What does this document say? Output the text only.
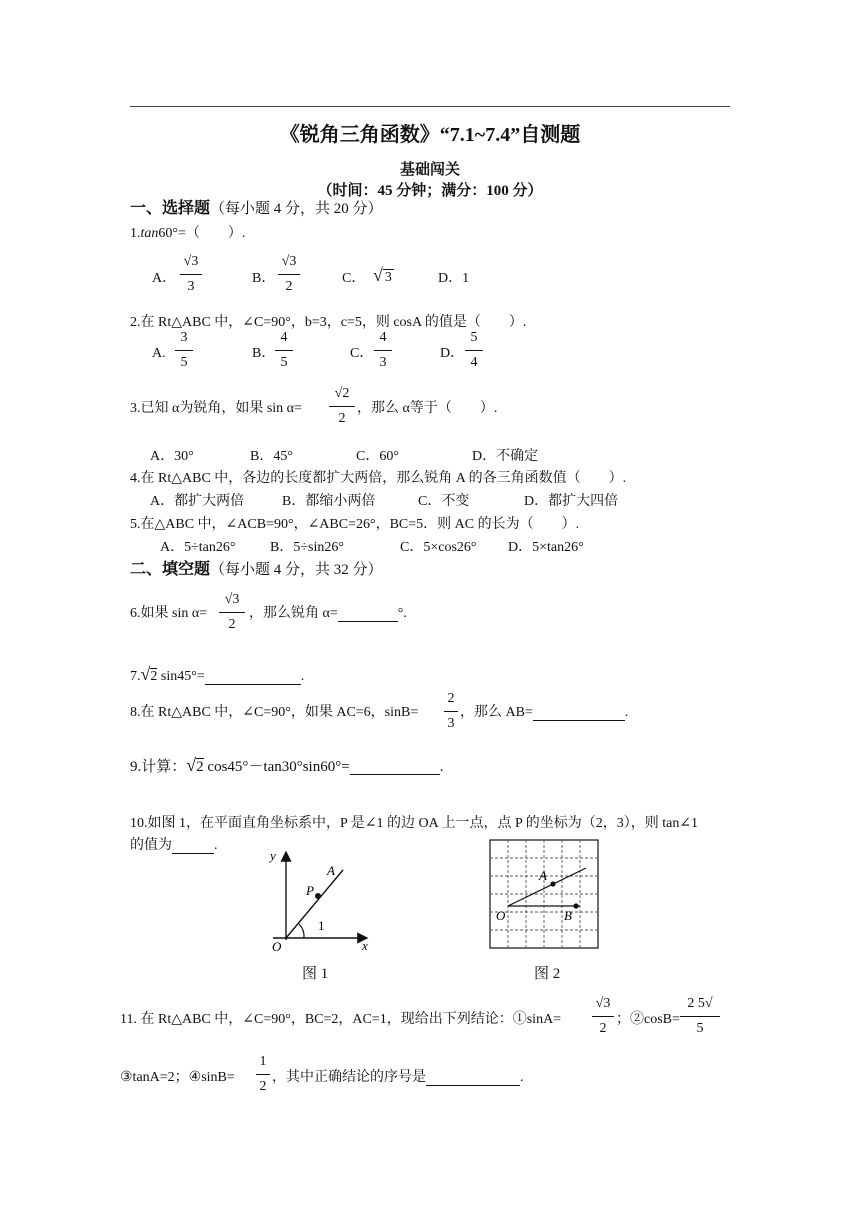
《锐角三角函数》“7.1~7.4”自测题
基础闯关
（时间：45 分钟；满分：100 分）
一、选择题（每小题 4 分，共 20 分）
1.tan60°=（　　）.
A．
√3
3
B．
√3
2
C． √ 3	D．1
2.在 Rt△ABC 中，∠C=90°，b=3，c=5，则 cosA 的值是（　　）.
A.
3
5
B．
4
5
C．
4
3
D．
5
4
3.已知 α为锐角，如果 sin α=
√2
2
，那么 α等于（　　）.
A．30°	B．45°	C．60°	D．不确定
4.在 Rt△ABC 中，各边的长度都扩大两倍，那么锐角 A 的各三角函数值（　　）.
A．都扩大两倍	B．都缩小两倍	C．不变	D．都扩大四倍
5.在△ABC 中，∠ACB=90°，∠ABC=26°，BC=5．则 AC 的长为（　　）.
A．5÷tan26° B．5÷sin26°	C．5×cos26° D．5×tan26°
二、填空题（每小题 4 分，共 32 分）
6.如果 sin α=
√3
2
，那么锐角 α=	°.
7.√2 sin45°=	.
8.在 Rt△ABC 中，∠C=90°，如果 AC=6，sinB=
2
3
，那么 AB=	.
9.计算：√2 cos45°－tan30°sin60°=	.
10.如图 1，在平面直角坐标系中，P 是∠1 的边 OA 上一点，点 P 的坐标为（2，3），则 tan∠1
的值为	.
y
x
O
P
A
1
图 1
O
A
B
图 2
11. 在 Rt△ABC 中，∠C=90°，BC=2，AC=1，现给出下列结论：①sinA=
√3
2
；②cosB=
2 5√
5
③tanA=2；④sinB=
1
2
，其中正确结论的序号是	.
